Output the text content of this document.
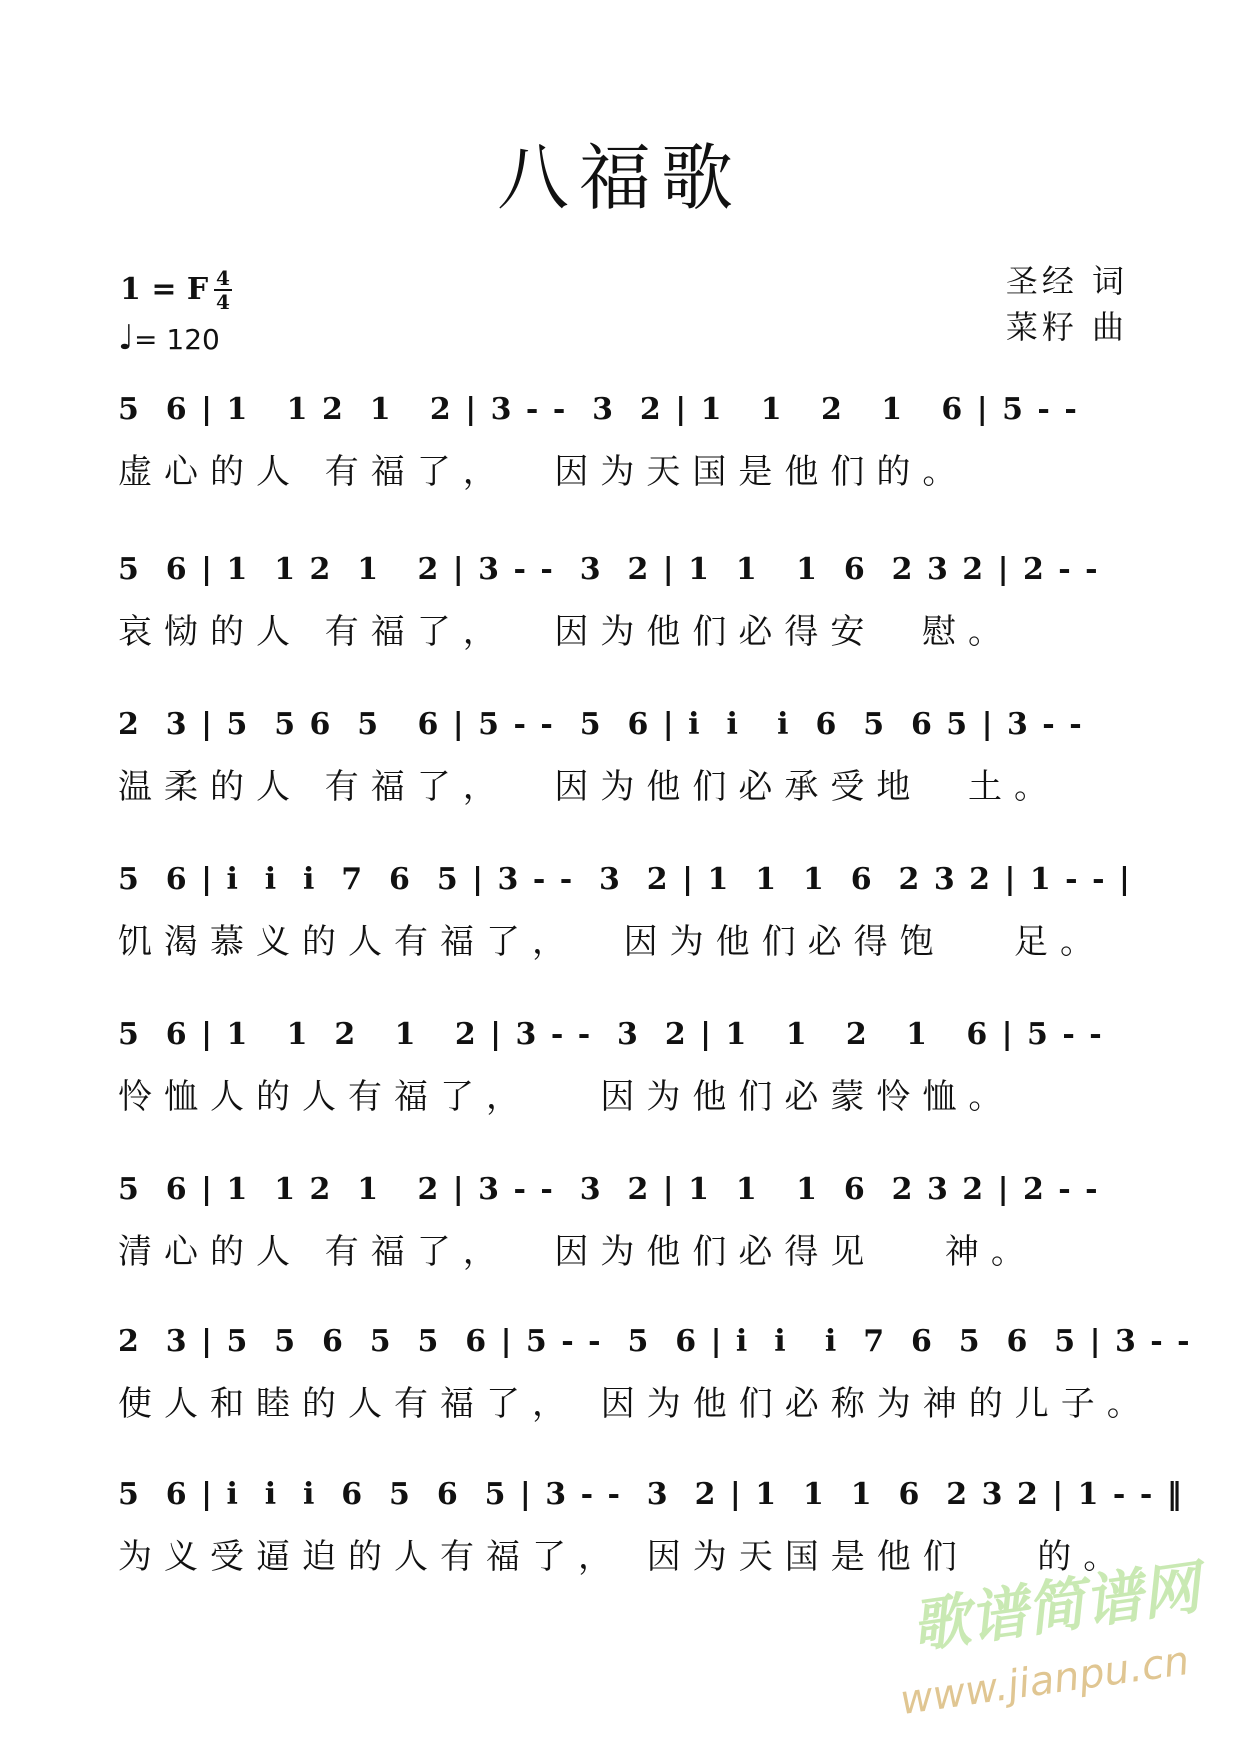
八福歌
1 = F 4
4
♩= 120
圣经 词
菜籽 曲
5  6 | 1   1 2  1   2 | 3 - -  3  2 | 1   1   2   1   6 | 5 - -
虚心的人 有福了，  因为天国是他们的。
5  6 | 1  1 2  1   2 | 3 - -  3  2 | 1  1   1  6  2 3 2 | 2 - -
哀恸的人 有福了，  因为他们必得安  慰。
2  3 | 5  5 6  5   6 | 5 - -  5  6 | i  i   i  6  5  6 5 | 3 - -
温柔的人 有福了，  因为他们必承受地  土。
5  6 | i  i  i  7  6  5 | 3 - -  3  2 | 1  1  1  6  2 3 2 | 1 - - |
饥渴慕义的人有福了，  因为他们必得饱   足。
5  6 | 1   1  2   1   2 | 3 - -  3  2 | 1   1   2   1   6 | 5 - -
怜恤人的人有福了，   因为他们必蒙怜恤。
5  6 | 1  1 2  1   2 | 3 - -  3  2 | 1  1   1  6  2 3 2 | 2 - -
清心的人 有福了，  因为他们必得见   神。
2  3 | 5  5  6  5  5  6 | 5 - -  5  6 | i  i   i  7  6  5  6  5 | 3 - -
使人和睦的人有福了， 因为他们必称为神的儿子。
5  6 | i  i  i  6  5  6  5 | 3 - -  3  2 | 1  1  1  6  2 3 2 | 1 - - ‖
为义受逼迫的人有福了， 因为天国是他们   的。
歌谱简谱网
www.jianpu.cn
